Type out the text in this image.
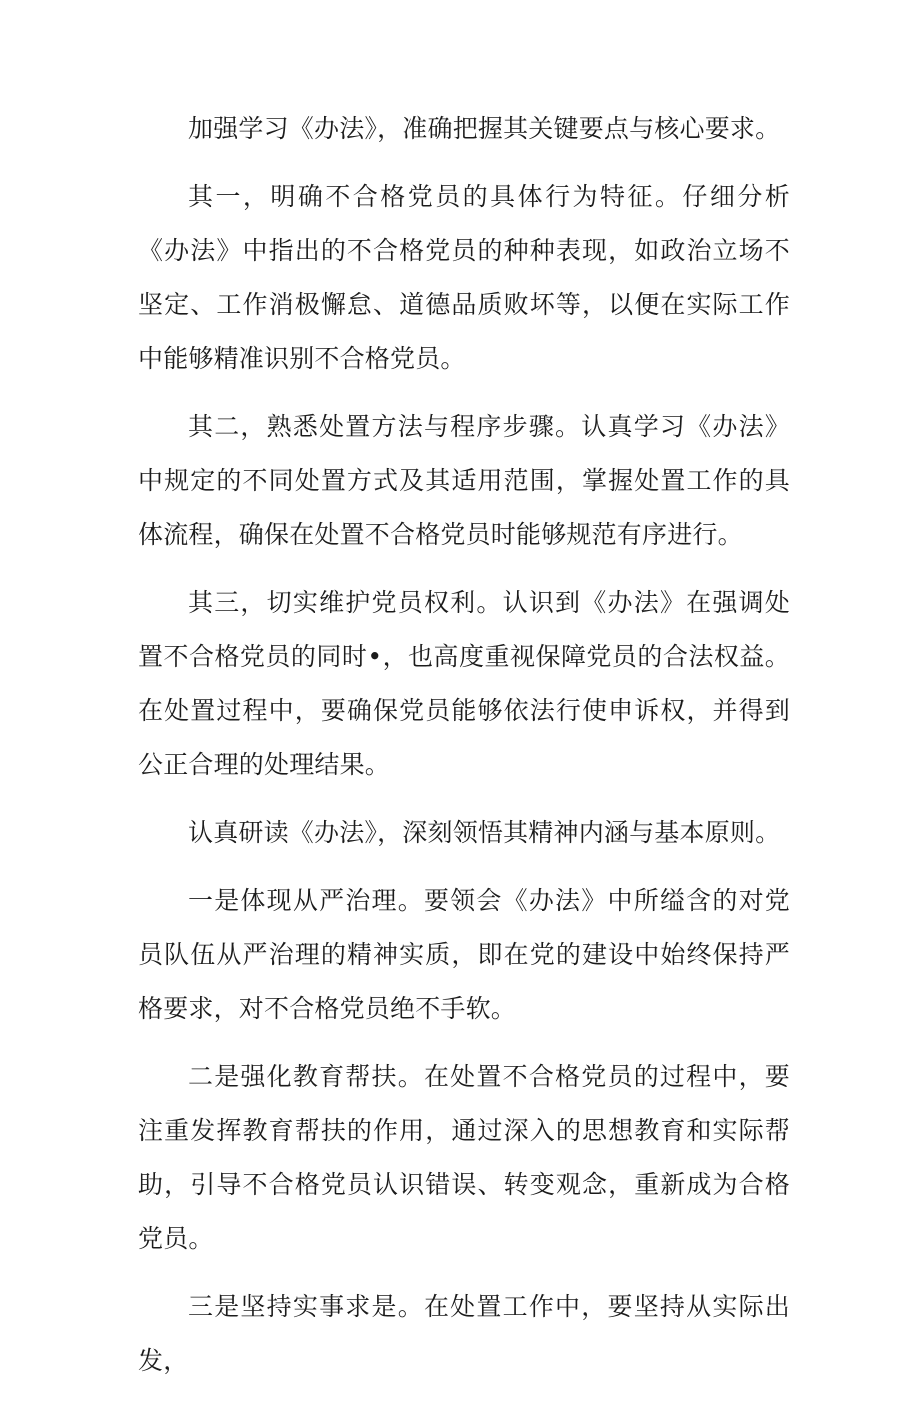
加强学习《办法》，准确把握其关键要点与核心要求。

其一，明确不合格党员的具体行为特征。仔细分析《办法》中指出的不合格党员的种种表现，如政治立场不坚定、工作消极懈怠、道德品质败坏等，以便在实际工作中能够精准识别不合格党员。

其二，熟悉处置方法与程序步骤。认真学习《办法》中规定的不同处置方式及其适用范围，掌握处置工作的具体流程，确保在处置不合格党员时能够规范有序进行。

其三，切实维护党员权利。认识到《办法》在强调处置不合格党员的同时•，也高度重视保障党员的合法权益。在处置过程中，要确保党员能够依法行使申诉权，并得到公正合理的处理结果。

认真研读《办法》，深刻领悟其精神内涵与基本原则。

一是体现从严治理。要领会《办法》中所缢含的对党员队伍从严治理的精神实质，即在党的建设中始终保持严格要求，对不合格党员绝不手软。

二是强化教育帮扶。在处置不合格党员的过程中，要注重发挥教育帮扶的作用，通过深入的思想教育和实际帮助，引导不合格党员认识错误、转变观念，重新成为合格党员。

三是坚持实事求是。在处置工作中，要坚持从实际出发，
